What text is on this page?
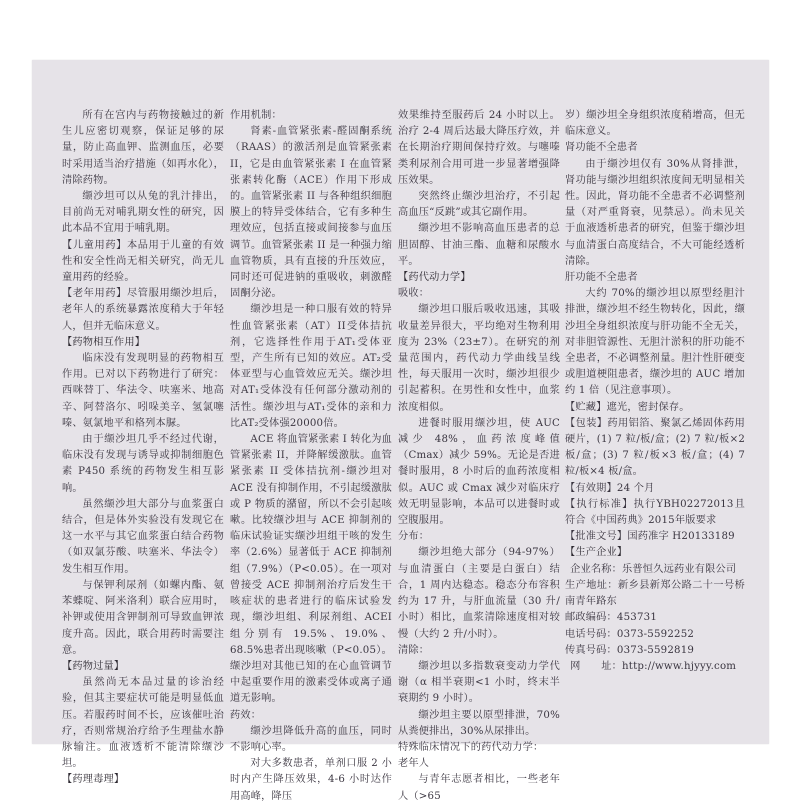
所有在宫内与药物接触过的新生儿应密切观察，保证足够的尿量，防止高血钾、监测血压，必要时采用适当治疗措施（如再水化），清除药物。

缬沙坦可以从兔的乳汁排出，目前尚无对哺乳期女性的研究，因此本品不宜用于哺乳期。

【儿童用药】本品用于儿童的有效性和安全性尚无相关研究，尚无儿童用药的经验。

【老年用药】尽管服用缬沙坦后，老年人的系统暴露浓度稍大于年轻人，但并无临床意义。

【药物相互作用】

临床没有发现明显的药物相互作用。已对以下药物进行了研究：西咪替丁、华法令、呋塞米、地高辛、阿替洛尔、吲哚美辛、氢氯噻嗪、氨氯地平和格列本脲。

由于缬沙坦几乎不经过代谢，临床没有发现与诱导或抑制细胞色素 P450 系统的药物发生相互影响。

虽然缬沙坦大部分与血浆蛋白结合，但是体外实验没有发现它在这一水平与其它血浆蛋白结合药物（如双氯芬酸、呋塞米、华法令）发生相互作用。

与保钾利尿剂（如螺内酯、氨苯蝶啶、阿米洛利）联合应用时，补钾或使用含钾制剂可导致血钾浓度升高。因此，联合用药时需要注意。

【药物过量】

虽然尚无本品过量的诊治经验，但其主要症状可能是明显低血压。若服药时间不长，应该催吐治疗，否则常规治疗给予生理盐水静脉输注。血液透析不能清除缬沙坦。

【药理毒理】

作用机制：

肾素-血管紧张素-醛固酮系统（RAAS）的激活剂是血管紧张素 II，它是由血管紧张素 I 在血管紧张素转化酶（ACE）作用下形成的。血管紧张素 II 与各种组织细胞膜上的特异受体结合，它有多种生理效应，包括直接或间接参与血压调节。血管紧张素 II 是一种强力缩血管物质，具有直接的升压效应，同时还可促进钠的重吸收，刺激醛固酮分泌。

缬沙坦是一种口服有效的特异性血管紧张素（AT）II受体拮抗剂，它选择性作用于AT₁受体亚型，产生所有已知的效应。AT₂受体亚型与心血管效应无关。缬沙坦对AT₁受体没有任何部分激动剂的活性。缬沙坦与AT₁受体的亲和力比AT₂受体强20000倍。

ACE 将血管紧张素 I 转化为血管紧张素 II，并降解缓激肽。血管紧张素 II 受体拮抗剂-缬沙坦对 ACE 没有抑制作用，不引起缓激肽或 P 物质的潴留，所以不会引起咳嗽。比较缬沙坦与 ACE 抑制剂的临床试验证实缬沙坦组干咳的发生率（2.6%）显著低于 ACE 抑制剂组（7.9%）（P<0.05）。在一项对曾接受 ACE 抑制剂治疗后发生干咳症状的患者进行的临床试验发现，缬沙坦组、利尿剂组、ACEI 组分别有 19.5%、19.0%、68.5%患者出现咳嗽（P<0.05）。缬沙坦对其他已知的在心血管调节中起重要作用的激素受体或离子通道无影响。

药效：

缬沙坦降低升高的血压，同时不影响心率。

对大多数患者，单剂口服 2 小时内产生降压效果，4-6 小时达作用高峰，降压

效果维持至服药后 24 小时以上。治疗 2-4 周后达最大降压疗效，并在长期治疗期间保持疗效。与噻嗪类利尿剂合用可进一步显著增强降压效果。

突然终止缬沙坦治疗，不引起高血压“反跳”或其它副作用。

缬沙坦不影响高血压患者的总胆固醇、甘油三酯、血糖和尿酸水平。

【药代动力学】

吸收：

缬沙坦口服后吸收迅速，其吸收量差异很大，平均绝对生物利用度为 23%（23±7）。在研究的剂量范围内，药代动力学曲线呈线性，每天服用一次时，缬沙坦很少引起蓄积。在男性和女性中，血浆浓度相似。

进餐时服用缬沙坦，使 AUC 减少 48%，血药浓度峰值（Cmax）减少 59%。无论是否进餐时服用，8 小时后的血药浓度相似。AUC 或 Cmax 减少对临床疗效无明显影响，本品可以进餐时或空腹服用。

分布：

缬沙坦绝大部分（94-97%）与血清蛋白（主要是白蛋白）结合，1 周内达稳态。稳态分布容积约为 17 升，与肝血流量（30 升/小时）相比，血浆清除速度相对较慢（大约 2 升/小时）。

清除：

缬沙坦以多指数衰变动力学代谢（α 相半衰期<1 小时，终末半衰期约 9 小时）。

缬沙坦主要以原型排泄，70%从粪便排出，30%从尿排出。

特殊临床情况下的药代动力学：

老年人

与青年志愿者相比，一些老年人（>65

岁）缬沙坦全身组织浓度稍增高，但无临床意义。

肾功能不全患者

由于缬沙坦仅有 30%从肾排泄，肾功能与缬沙坦组织浓度间无明显相关性。因此，肾功能不全患者不必调整剂量（对严重肾衰，见禁忌）。尚未见关于血液透析患者的研究，但鉴于缬沙坦与血清蛋白高度结合，不大可能经透析清除。

肝功能不全患者

大约 70%的缬沙坦以原型经胆汁排泄，缬沙坦不经生物转化，因此，缬沙坦全身组织浓度与肝功能不全无关，对非胆管源性、无胆汁淤积的肝功能不全患者，不必调整剂量。胆汁性肝硬变或胆道梗阻患者，缬沙坦的 AUC 增加约 1 倍（见注意事项）。

【贮藏】遮光，密封保存。

【包装】药用铝箔、聚氯乙烯固体药用硬片，(1) 7 粒/板/盒；(2) 7 粒/板×2 板/盒；(3) 7 粒/板×3 板/盒；(4) 7 粒/板×4 板/盒。

【有效期】24 个月

【执行标准】执行YBH02272013且符合《中国药典》2015年版要求

【批准文号】国药准字 H20133189

【生产企业】

企业名称：乐普恒久远药业有限公司

生产地址：新乡县新郑公路二十一号桥南青年路东

邮政编码：453731

电话号码：0373-5592252

传真号码：0373-5592819

网　　址：http://www.hjyyy.com
